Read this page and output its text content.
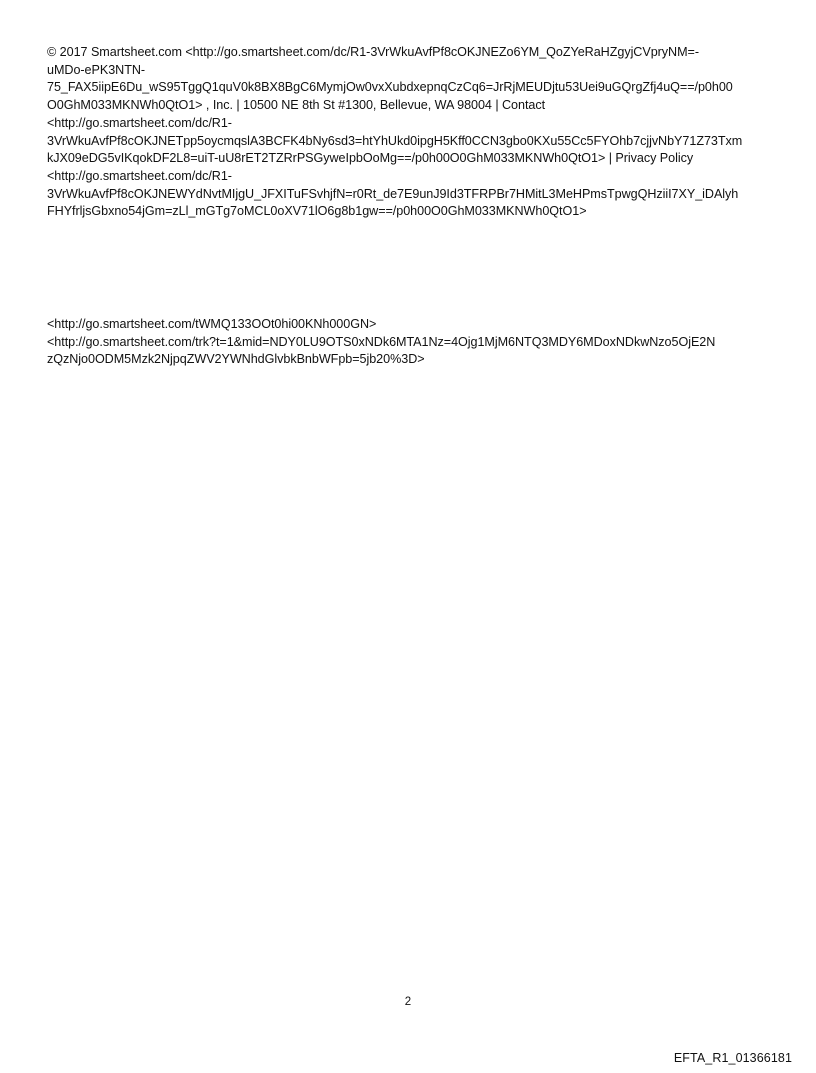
© 2017 Smartsheet.com <http://go.smartsheet.com/dc/R1-3VrWkuAvfPf8cOKJNEZo6YM_QoZYeRaHZgyjCVpryNM=-

uMDo-ePK3NTN-

75_FAX5iipE6Du_wS95TggQ1quV0k8BX8BgC6MymjOw0vxXubdxepnqCzCq6=JrRjMEUDjtu53Uei9uGQrgZfj4uQ==/p0h00

O0GhM033MKNWh0QtO1> , Inc. | 10500 NE 8th St #1300, Bellevue, WA 98004 | Contact

<http://go.smartsheet.com/dc/R1-

3VrWkuAvfPf8cOKJNETpp5oycmqslA3BCFK4bNy6sd3=htYhUkd0ipgH5Kff0CCN3gbo0KXu55Cc5FYOhb7cjjvNbY71Z73Txm

kJX09eDG5vIKqokDF2L8=uiT-uU8rET2TZRrPSGyweIpbOoMg==/p0h00O0GhM033MKNWh0QtO1> | Privacy Policy

<http://go.smartsheet.com/dc/R1-

3VrWkuAvfPf8cOKJNEWYdNvtMIjgU_JFXITuFSvhjfN=r0Rt_de7E9unJ9Id3TFRPBr7HMitL3MeHPmsTpwgQHziiI7XY_iDAlyh

FHYfrljsGbxno54jGm=zLl_mGTg7oMCL0oXV71lO6g8b1gw==/p0h00O0GhM033MKNWh0QtO1>

<http://go.smartsheet.com/tWMQ133OOt0hi00KNh000GN>

<http://go.smartsheet.com/trk?t=1&mid=NDY0LU9OTS0xNDk6MTA1Nz=4Ojg1MjM6NTQ3MDY6MDoxNDkwNzo5OjE2N

zQzNjo0ODM5Mzk2NjpqZWV2YWNhdGlvbkBnbWFpb=5jb20%3D>

2
EFTA_R1_01366181
